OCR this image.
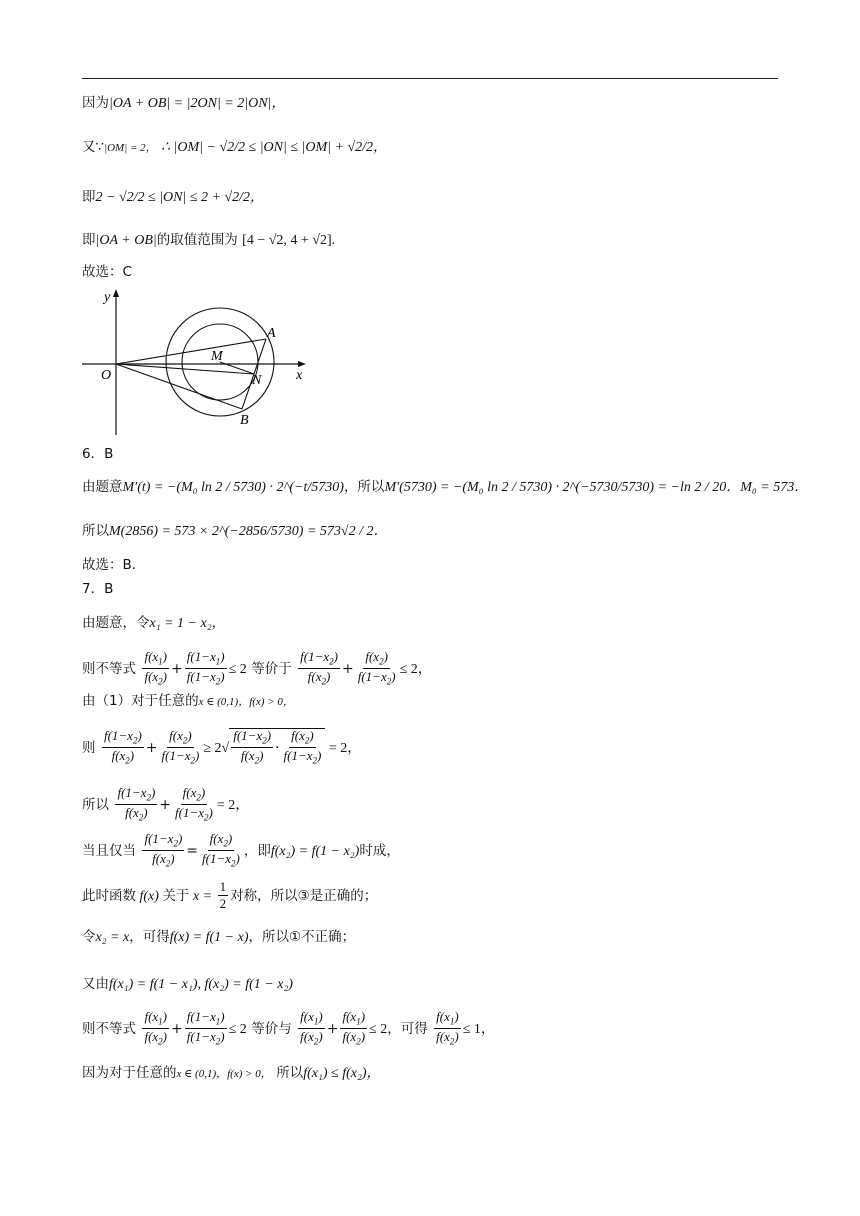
因为|OA + OB| = |2ON| = 2|ON|，
又∵|OM| = 2， ∴ |OM| − √2/2 ≤ |ON| ≤ |OM| + √2/2，
即2 − √2/2 ≤ |ON| ≤ 2 + √2/2，
即|OA + OB|的取值范围为 [4 − √2, 4 + √2].
故选：C
y
x
O
M
N
A
B
6．B
由题意M′(t) = −(M₀ ln 2 / 5730) · 2^(−t/5730)，所以M′(5730) = −(M₀ ln 2 / 5730) · 2^(−5730/5730) = −ln 2 / 20．M₀ = 573．
所以M(2856) = 573 × 2^(−2856/5730) = 573√2 / 2．
故选：B．
7．B
由题意，令x₁ = 1 − x₂，
则不等式 $\frac{f(x_1)}{f(x_2)} + \frac{f(1-x_1)}{f(1-x_2)} \le 2$ 等价于 $\frac{f(1-x_2)}{f(x_2)} + \frac{f(x_2)}{f(1-x_2)} \le 2$，
由（1）对于任意的x ∈ (0,1)，f(x) > 0，
则 $\frac{f(1-x_2)}{f(x_2)} + \frac{f(x_2)}{f(1-x_2)} \ge 2√ \frac{f(1-x_2)}{f(x_2)} \cdot \frac{f(x_2)}{f(1-x_2)} = 2$，
所以 $\frac{f(1-x_2)}{f(x_2)} + \frac{f(x_2)}{f(1-x_2)} = 2$，
当且仅当 $\frac{f(1-x_2)}{f(x_2)} = \frac{f(x_2)}{f(1-x_2)}$ ，即f(x₂) = f(1 − x₂)时成，
此时函数 f(x) 关于 $x = \frac{1}{2}$ 对称，所以③是正确的；
令x₂ = x，可得f(x) = f(1 − x)，所以①不正确；
又由f(x₁) = f(1 − x₁), f(x₂) = f(1 − x₂)
则不等式 $\frac{f(x_1)}{f(x_2)} + \frac{f(1-x_1)}{f(1-x_2)} \le 2$ 等价与 $\frac{f(x_1)}{f(x_2)} + \frac{f(x_1)}{f(x_2)} \le 2$，可得 $\frac{f(x_1)}{f(x_2)} \le 1$，
因为对于任意的x ∈ (0,1)，f(x) > 0， 所以f(x₁) ≤ f(x₂)，
